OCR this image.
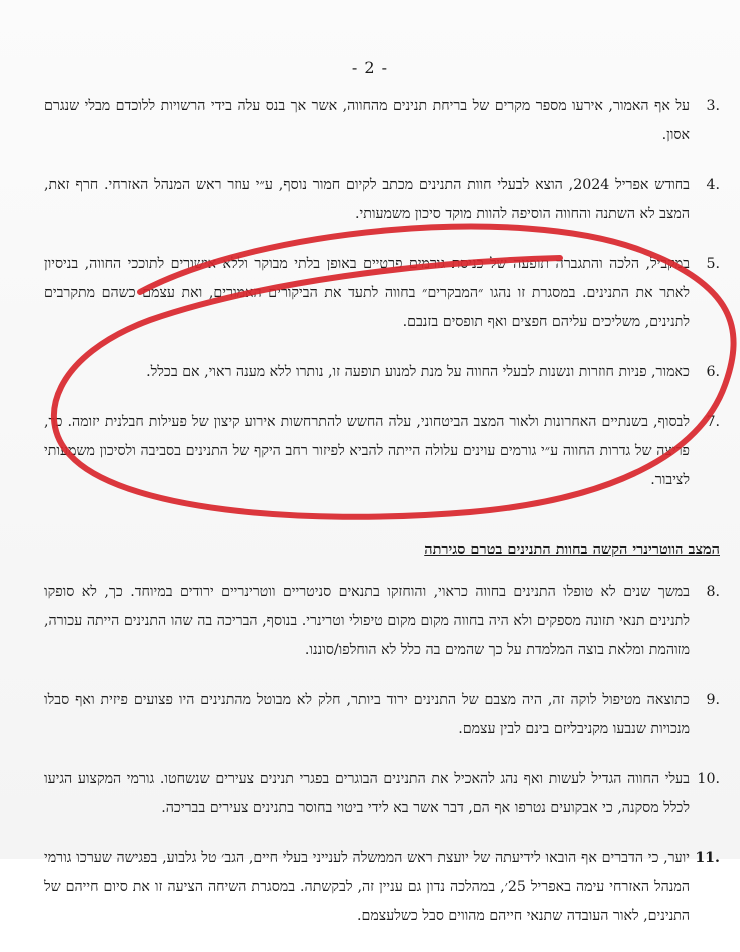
- 2 -
3.
על אף האמור, אירעו מספר מקרים של בריחת תנינים מהחווה, אשר אך בנס עלה בידי הרשויות ללוכדם מבלי שנגרם אסון.
4.
בחודש אפריל 2024, הוצא לבעלי חוות התנינים מכתב לקיום חמור נוסף, ע״י עוזר ראש המנהל האזרחי. חרף זאת, המצב לא השתנה והחווה הוסיפה להוות מוקד סיכון משמעותי.
5.
במקביל, הלכה והתגברה תופעה של כניסת גורמים פרטיים באופן בלתי מבוקר וללא אישורים לתוככי החווה, בניסיון לאתר את התנינים. במסגרת זו נהגו ״המבקרים״ בחווה לתעד את הביקורים האמורים, ואת עצמם כשהם מתקרבים לתנינים, משליכים עליהם חפצים ואף תופסים בזנבם.
6.
כאמור, פניות חוזרות ונשנות לבעלי החווה על מנת למנוע תופעה זו, נותרו ללא מענה ראוי, אם בכלל.
7.
לבסוף, בשנתיים האחרונות ולאור המצב הביטחוני, עלה החשש להתרחשות אירוע קיצון של פעילות חבלנית יזומה. כך, פריצה של גדרות החווה ע״י גורמים עוינים עלולה הייתה להביא לפיזור רחב היקף של התנינים בסביבה ולסיכון משמעותי לציבור.
המצב הווטרינרי הקשה בחוות התנינים בטרם סגירתה
8.
במשך שנים לא טופלו התנינים בחווה כראוי, והוחזקו בתנאים סניטריים ווטרינריים ירודים במיוחד. כך, לא סופקו לתנינים תנאי תזונה מספקים ולא היה בחווה מקום מקום טיפולי וטרינרי. בנוסף, הבריכה בה שהו התנינים הייתה עכורה, מזוהמת ומלאת בוצה המלמדת על כך שהמים בה כלל לא הוחלפו/סוננו.
9.
כתוצאה מטיפול לוקה זה, היה מצבם של התנינים ירוד ביותר, חלק לא מבוטל מהתנינים היו פצועים פיזית ואף סבלו מנכויות שנבעו מקניבליזם בינם לבין עצמם.
10.
בעלי החווה הגדיל לעשות ואף נהג להאכיל את התנינים הבוגרים בפגרי תנינים צעירים שנשחטו. גורמי המקצוע הגיעו לכלל מסקנה, כי אבקועים נטרפו אף הם, דבר אשר בא לידי ביטוי בחוסר בתנינים צעירים בבריכה.
11.
יוער, כי הדברים אף הובאו לידיעתה של יועצת ראש הממשלה לענייני בעלי חיים, הגב׳ טל גלבוע, בפגישה שערכו גורמי המנהל האזרחי עימה באפריל 25׳, במהלכה נדון גם עניין זה, לבקשתה. במסגרת השיחה הציעה זו את סיום חייהם של התנינים, לאור העובדה שתנאי חייהם מהווים סבל כשלעצמם.
